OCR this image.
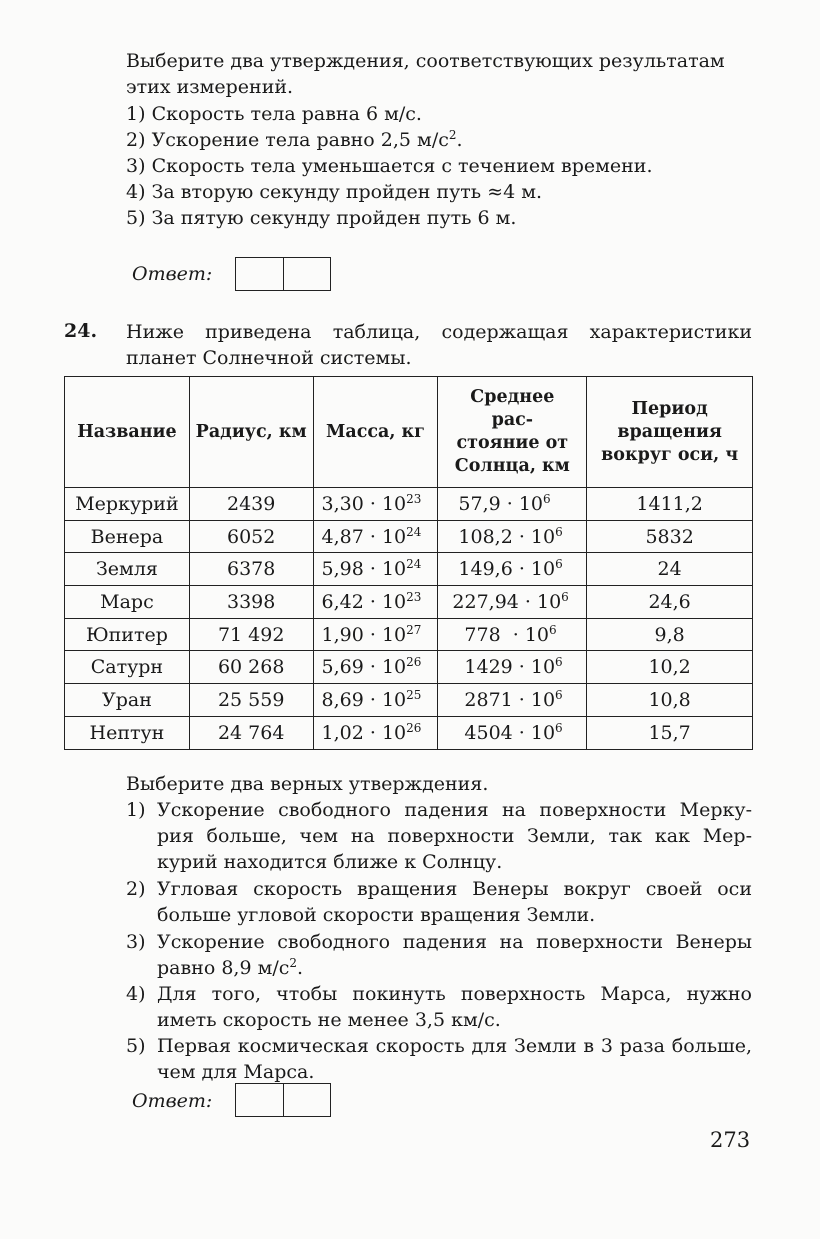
Выберите два утверждения, соответствующих результатам
этих измерений.
1) Скорость тела равна 6 м/с.
2) Ускорение тела равно 2,5 $м/с^2$.
3) Скорость тела уменьшается с течением времени.
4) За вторую секунду пройден путь ≈4 м.
5) За пятую секунду пройден путь 6 м.
Ответ:
24. Ниже приведена таблица, содержащая характеристики
планет Солнечной системы.
Название	Радиус, км	Масса, кг	Среднее рас- стояние от Солнца, км	Период вращения вокруг оси, ч
Меркурий	2439	$3,30 \cdot 10^{23}$	$57,9 \cdot 10^6$	1411,2
Венера	6052	$4,87 \cdot 10^{24}$	$108,2 \cdot 10^6$	5832
Земля	6378	$5,98 \cdot 10^{24}$	$149,6 \cdot 10^6$	24
Марс	3398	$6,42 \cdot 10^{23}$	$227,94 \cdot 10^6$	24,6
Юпитер	71 492	$1,90 \cdot 10^{27}$	$778 \cdot 10^6$	9,8
Сатурн	60 268	$5,69 \cdot 10^{26}$	$1429 \cdot 10^6$	10,2
Уран	25 559	$8,69 \cdot 10^{25}$	$2871 \cdot 10^6$	10,8
Нептун	24 764	$1,02 \cdot 10^{26}$	$4504 \cdot 10^6$	15,7
Выберите два верных утверждения.
1) Ускорение свободного падения на поверхности Мерку- рия больше, чем на поверхности Земли, так как Мер- курий находится ближе к Солнцу.
2) Угловая скорость вращения Венеры вокруг своей оси больше угловой скорости вращения Земли.
3) Ускорение свободного падения на поверхности Венеры равно 8,9 $м/с^2$.
4) Для того, чтобы покинуть поверхность Марса, нужно иметь скорость не менее 3,5 км/с.
5) Первая космическая скорость для Земли в 3 раза больше, чем для Марса.
Ответ:
273
